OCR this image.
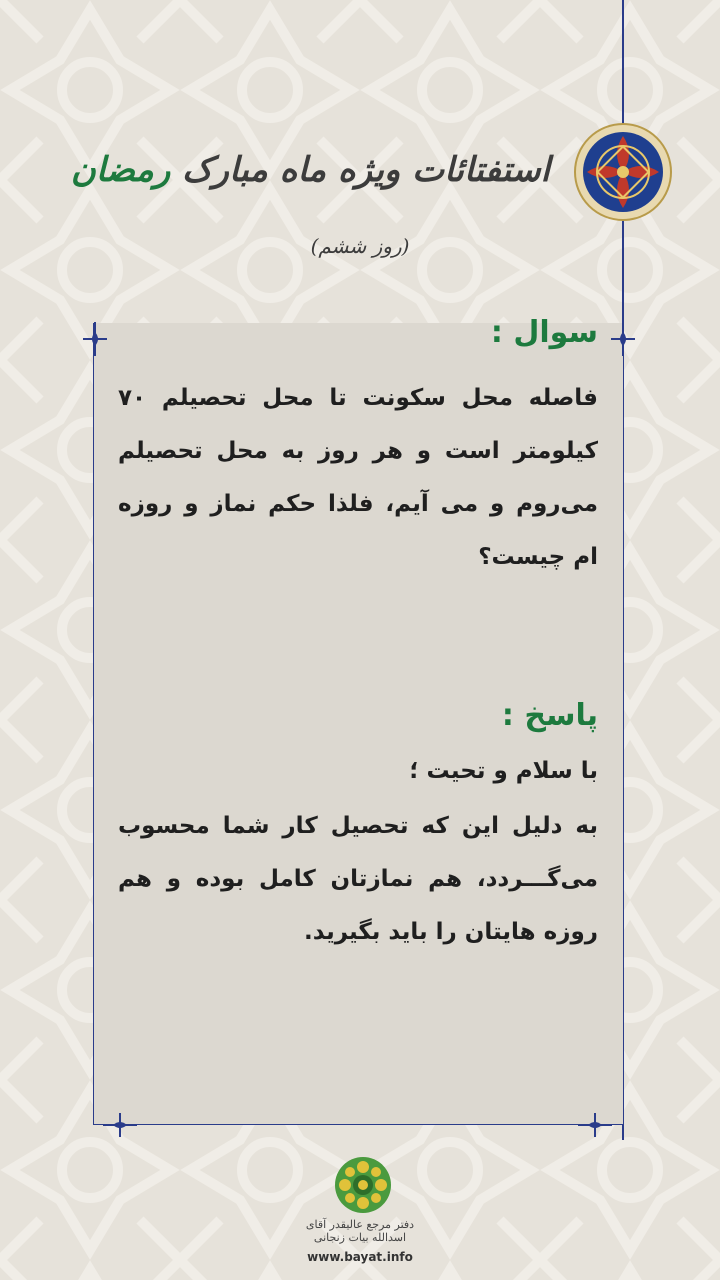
استفتائات ویژه ماه مبارک رمضان
(روز ششم)
سوال :
فاصله محل سکونت تا محل تحصیلم ۷۰ کیلومتر است و هر روز به محل تحصیلم می‌روم و می آیم، فلذا حکم نماز و روزه ام چیست؟
پاسخ :
با سلام و تحیت ؛
به دلیل این که تحصیل کار شما محسوب می‌گـــردد، هم نمازتان کامل بوده و هم روزه هایتان را باید بگیرید.
دفتر مرجع عالیقدر آقای اسدالله بیات زنجانی
www.bayat.info
